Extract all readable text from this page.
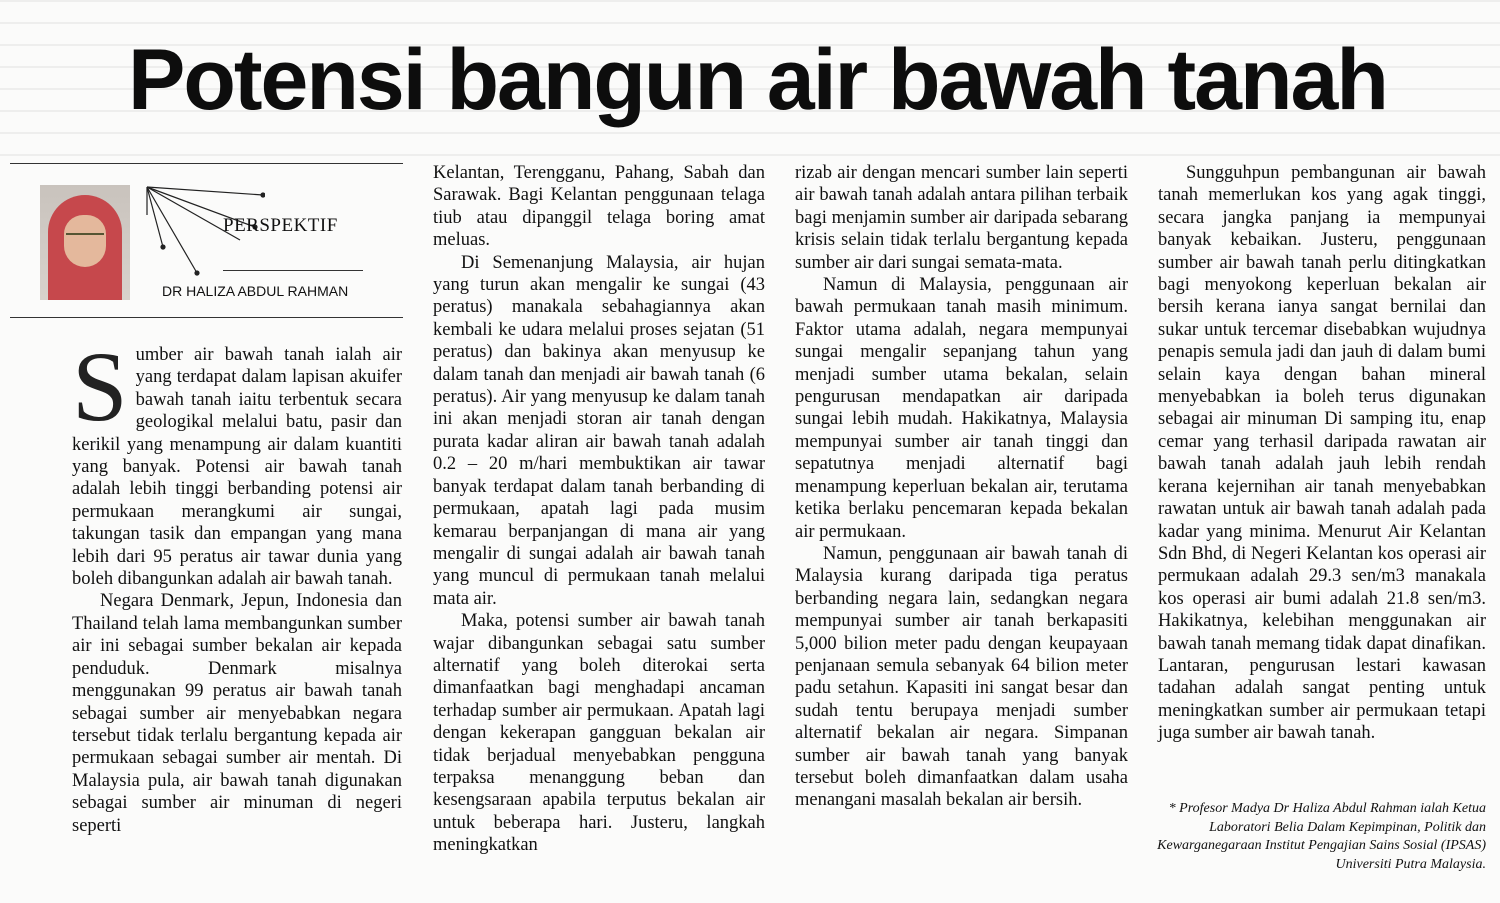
Potensi bangun air bawah tanah
PERSPEKTIF
DR HALIZA ABDUL RAHMAN

Sumber air bawah tanah ialah air yang terdapat dalam lapisan akuifer bawah tanah iaitu terbentuk secara geologikal melalui batu, pasir dan kerikil yang menampung air dalam kuantiti yang banyak. Potensi air bawah tanah adalah lebih tinggi berbanding potensi air permukaan merangkumi air sungai, takungan tasik dan empangan yang mana lebih dari 95 peratus air tawar dunia yang boleh dibangunkan adalah air bawah tanah.

Negara Denmark, Jepun, Indonesia dan Thailand telah lama membangunkan sumber air ini sebagai sumber bekalan air kepada penduduk. Denmark misalnya menggunakan 99 peratus air bawah tanah sebagai sumber air menyebabkan negara tersebut tidak terlalu bergantung kepada air permukaan sebagai sumber air mentah. Di Malaysia pula, air bawah tanah digunakan sebagai sumber air minuman di negeri seperti

Kelantan, Terengganu, Pahang, Sabah dan Sarawak. Bagi Kelantan penggunaan telaga tiub atau dipanggil telaga boring amat meluas.

Di Semenanjung Malaysia, air hujan yang turun akan mengalir ke sungai (43 peratus) manakala sebahagiannya akan kembali ke udara melalui proses sejatan (51 peratus) dan bakinya akan menyusup ke dalam tanah dan menjadi air bawah tanah (6 peratus). Air yang menyusup ke dalam tanah ini akan menjadi storan air tanah dengan purata kadar aliran air bawah tanah adalah 0.2 – 20 m/hari membuktikan air tawar banyak terdapat dalam tanah berbanding di permukaan, apatah lagi pada musim kemarau berpanjangan di mana air yang mengalir di sungai adalah air bawah tanah yang muncul di permukaan tanah melalui mata air.

Maka, potensi sumber air bawah tanah wajar dibangunkan sebagai satu sumber alternatif yang boleh diterokai serta dimanfaatkan bagi menghadapi ancaman terhadap sumber air permukaan. Apatah lagi dengan kekerapan gangguan bekalan air tidak berjadual menyebabkan pengguna terpaksa menanggung beban dan kesengsaraan apabila terputus bekalan air untuk beberapa hari. Justeru, langkah meningkatkan

rizab air dengan mencari sumber lain seperti air bawah tanah adalah antara pilihan terbaik bagi menjamin sumber air daripada sebarang krisis selain tidak terlalu bergantung kepada sumber air dari sungai semata-mata.

Namun di Malaysia, penggunaan air bawah permukaan tanah masih minimum. Faktor utama adalah, negara mempunyai sungai mengalir sepanjang tahun yang menjadi sumber utama bekalan, selain pengurusan mendapatkan air daripada sungai lebih mudah. Hakikatnya, Malaysia mempunyai sumber air tanah tinggi dan sepatutnya menjadi alternatif bagi menampung keperluan bekalan air, terutama ketika berlaku pencemaran kepada bekalan air permukaan.

Namun, penggunaan air bawah tanah di Malaysia kurang daripada tiga peratus berbanding negara lain, sedangkan negara mempunyai sumber air tanah berkapasiti 5,000 bilion meter padu dengan keupayaan penjanaan semula sebanyak 64 bilion meter padu setahun. Kapasiti ini sangat besar dan sudah tentu berupaya menjadi sumber alternatif bekalan air negara. Simpanan sumber air bawah tanah yang banyak tersebut boleh dimanfaatkan dalam usaha menangani masalah bekalan air bersih.

Sungguhpun pembangunan air bawah tanah memerlukan kos yang agak tinggi, secara jangka panjang ia mempunyai banyak kebaikan. Justeru, penggunaan sumber air bawah tanah perlu ditingkatkan bagi menyokong keperluan bekalan air bersih kerana ianya sangat bernilai dan sukar untuk tercemar disebabkan wujudnya penapis semula jadi dan jauh di dalam bumi selain kaya dengan bahan mineral menyebabkan ia boleh terus digunakan sebagai air minuman Di samping itu, enap cemar yang terhasil daripada rawatan air bawah tanah adalah jauh lebih rendah kerana kejernihan air tanah menyebabkan rawatan untuk air bawah tanah adalah pada kadar yang minima. Menurut Air Kelantan Sdn Bhd, di Negeri Kelantan kos operasi air permukaan adalah 29.3 sen/m3 manakala kos operasi air bumi adalah 21.8 sen/m3. Hakikatnya, kelebihan menggunakan air bawah tanah memang tidak dapat dinafikan. Lantaran, pengurusan lestari kawasan tadahan adalah sangat penting untuk meningkatkan sumber air permukaan tetapi juga sumber air bawah tanah.

* Profesor Madya Dr Haliza Abdul Rahman ialah Ketua Laboratori Belia Dalam Kepimpinan, Politik dan Kewarganegaraan Institut Pengajian Sains Sosial (IPSAS) Universiti Putra Malaysia.
